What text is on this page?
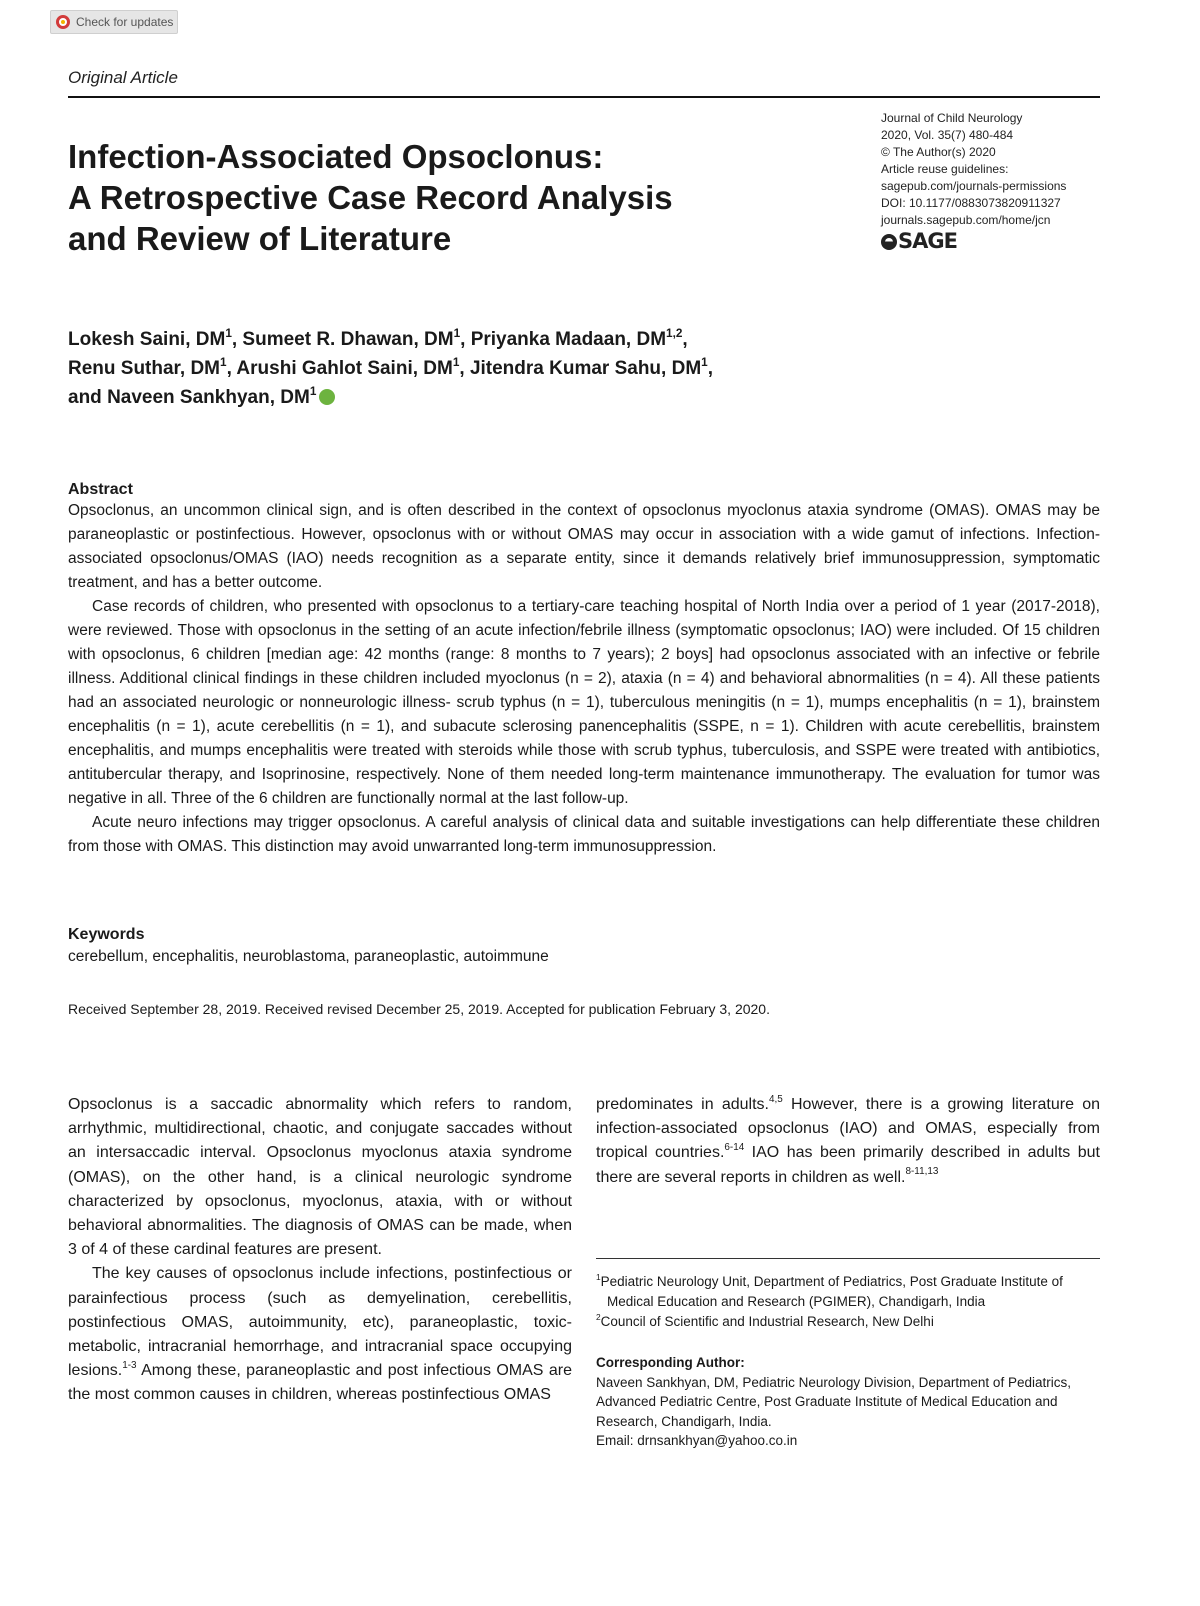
Check for updates
Original Article
Infection-Associated Opsoclonus:
A Retrospective Case Record Analysis
and Review of Literature
Journal of Child Neurology
2020, Vol. 35(7) 480-484
© The Author(s) 2020
Article reuse guidelines:
sagepub.com/journals-permissions
DOI: 10.1177/0883073820911327
journals.sagepub.com/home/jcn
SAGE
Lokesh Saini, $DM^1$, Sumeet R. Dhawan, $DM^1$, Priyanka Madaan, DM$^{1,2}$,
Renu Suthar, $DM^1$, Arushi Gahlot Saini, $DM^1$, Jitendra Kumar Sahu, $DM^1$,
and Naveen Sankhyan, $DM^1$
Abstract

Opsoclonus, an uncommon clinical sign, and is often described in the context of opsoclonus myoclonus ataxia syndrome (OMAS). OMAS may be paraneoplastic or postinfectious. However, opsoclonus with or without OMAS may occur in association with a wide gamut of infections. Infection-associated opsoclonus/OMAS (IAO) needs recognition as a separate entity, since it demands relatively brief immunosuppression, symptomatic treatment, and has a better outcome.

Case records of children, who presented with opsoclonus to a tertiary-care teaching hospital of North India over a period of 1 year (2017-2018), were reviewed. Those with opsoclonus in the setting of an acute infection/febrile illness (symptomatic opsoclonus; IAO) were included. Of 15 children with opsoclonus, 6 children [median age: 42 months (range: 8 months to 7 years); 2 boys] had opsoclonus associated with an infective or febrile illness. Additional clinical findings in these children included myoclonus (n = 2), ataxia (n = 4) and behavioral abnormalities (n = 4). All these patients had an associated neurologic or nonneurologic illness- scrub typhus (n = 1), tuberculous meningitis (n = 1), mumps encephalitis (n = 1), brainstem encephalitis (n = 1), acute cerebellitis (n = 1), and subacute sclerosing panencephalitis (SSPE, n = 1). Children with acute cerebellitis, brainstem encephalitis, and mumps encephalitis were treated with steroids while those with scrub typhus, tuberculosis, and SSPE were treated with antibiotics, antitubercular therapy, and Isoprinosine, respectively. None of them needed long-term maintenance immunotherapy. The evaluation for tumor was negative in all. Three of the 6 children are functionally normal at the last follow-up.

Acute neuro infections may trigger opsoclonus. A careful analysis of clinical data and suitable investigations can help differentiate these children from those with OMAS. This distinction may avoid unwarranted long-term immunosuppression.

Keywords
cerebellum, encephalitis, neuroblastoma, paraneoplastic, autoimmune
Received September 28, 2019. Received revised December 25, 2019. Accepted for publication February 3, 2020.

Opsoclonus is a saccadic abnormality which refers to random, arrhythmic, multidirectional, chaotic, and conjugate saccades without an intersaccadic interval. Opsoclonus myoclonus ataxia syndrome (OMAS), on the other hand, is a clinical neurologic syndrome characterized by opsoclonus, myoclonus, ataxia, with or without behavioral abnormalities. The diagnosis of OMAS can be made, when 3 of 4 of these cardinal features are present.

The key causes of opsoclonus include infections, postinfectious or parainfectious process (such as demyelination, cerebellitis, postinfectious OMAS, autoimmunity, etc), paraneoplastic, toxic-metabolic, intracranial hemorrhage, and intracranial space occupying lesions.$^{1-3}$ Among these, paraneoplastic and post infectious OMAS are the most common causes in children, whereas postinfectious OMAS

predominates in adults.$^{4,5}$ However, there is a growing literature on infection-associated opsoclonus (IAO) and OMAS, especially from tropical countries.$^{6-14}$ IAO has been primarily described in adults but there are several reports in children as well.$^{8-11,13}$

$^1$Pediatric Neurology Unit, Department of Pediatrics, Post Graduate Institute of Medical Education and Research (PGIMER), Chandigarh, India
$^2$Council of Scientific and Industrial Research, New Delhi
Corresponding Author:
Naveen Sankhyan, DM, Pediatric Neurology Division, Department of Pediatrics, Advanced Pediatric Centre, Post Graduate Institute of Medical Education and Research, Chandigarh, India.
Email: drnsankhyan@yahoo.co.in
